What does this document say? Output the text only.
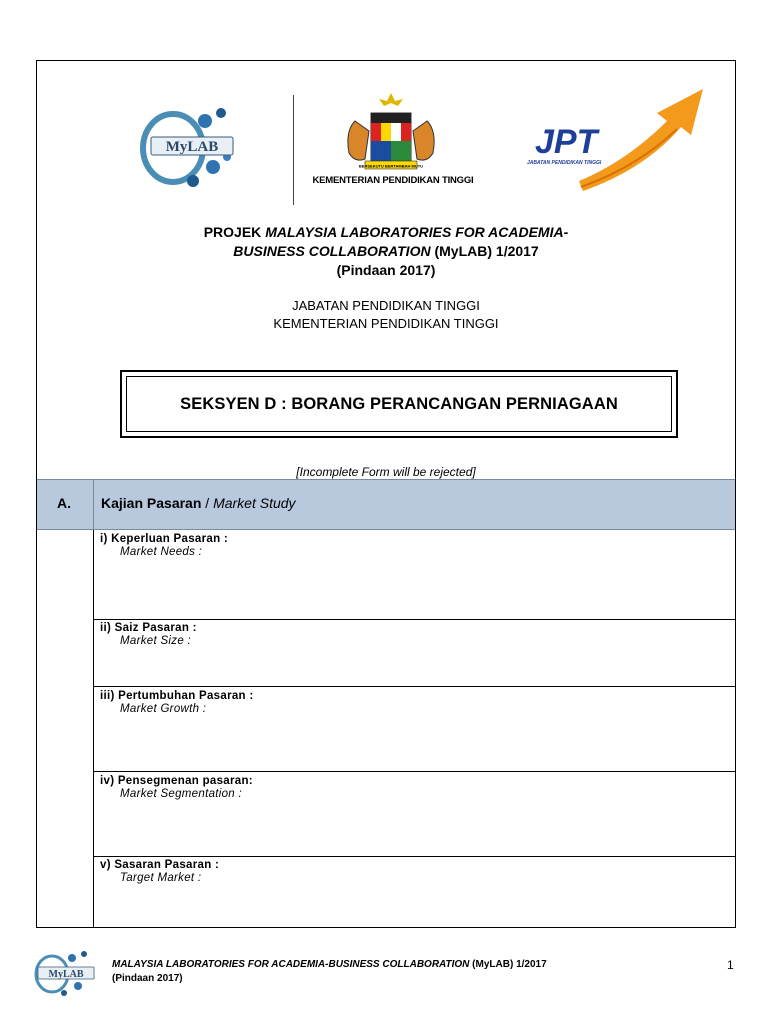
MyLAB
BERSEKUTU BERTAMBAH MUTU
KEMENTERIAN PENDIDIKAN TINGGI
JPT
JABATAN PENDIDIKAN TINGGI
PROJEK MALAYSIA LABORATORIES FOR ACADEMIA-
BUSINESS COLLABORATION (MyLAB) 1/2017
(Pindaan 2017)
JABATAN PENDIDIKAN TINGGI
KEMENTERIAN PENDIDIKAN TINGGI
SEKSYEN D : BORANG PERANCANGAN PERNIAGAAN
[Incomplete Form will be rejected]
A. Kajian Pasaran / Market Study
i) Keperluan Pasaran :
Market Needs :
ii) Saiz Pasaran :
Market Size :
iii) Pertumbuhan Pasaran :
Market Growth :
iv) Pensegmenan pasaran:
Market Segmentation :
v) Sasaran Pasaran :
Target Market :
MyLAB
MALAYSIA LABORATORIES FOR ACADEMIA-BUSINESS COLLABORATION (MyLAB) 1/2017
(Pindaan 2017)
1
